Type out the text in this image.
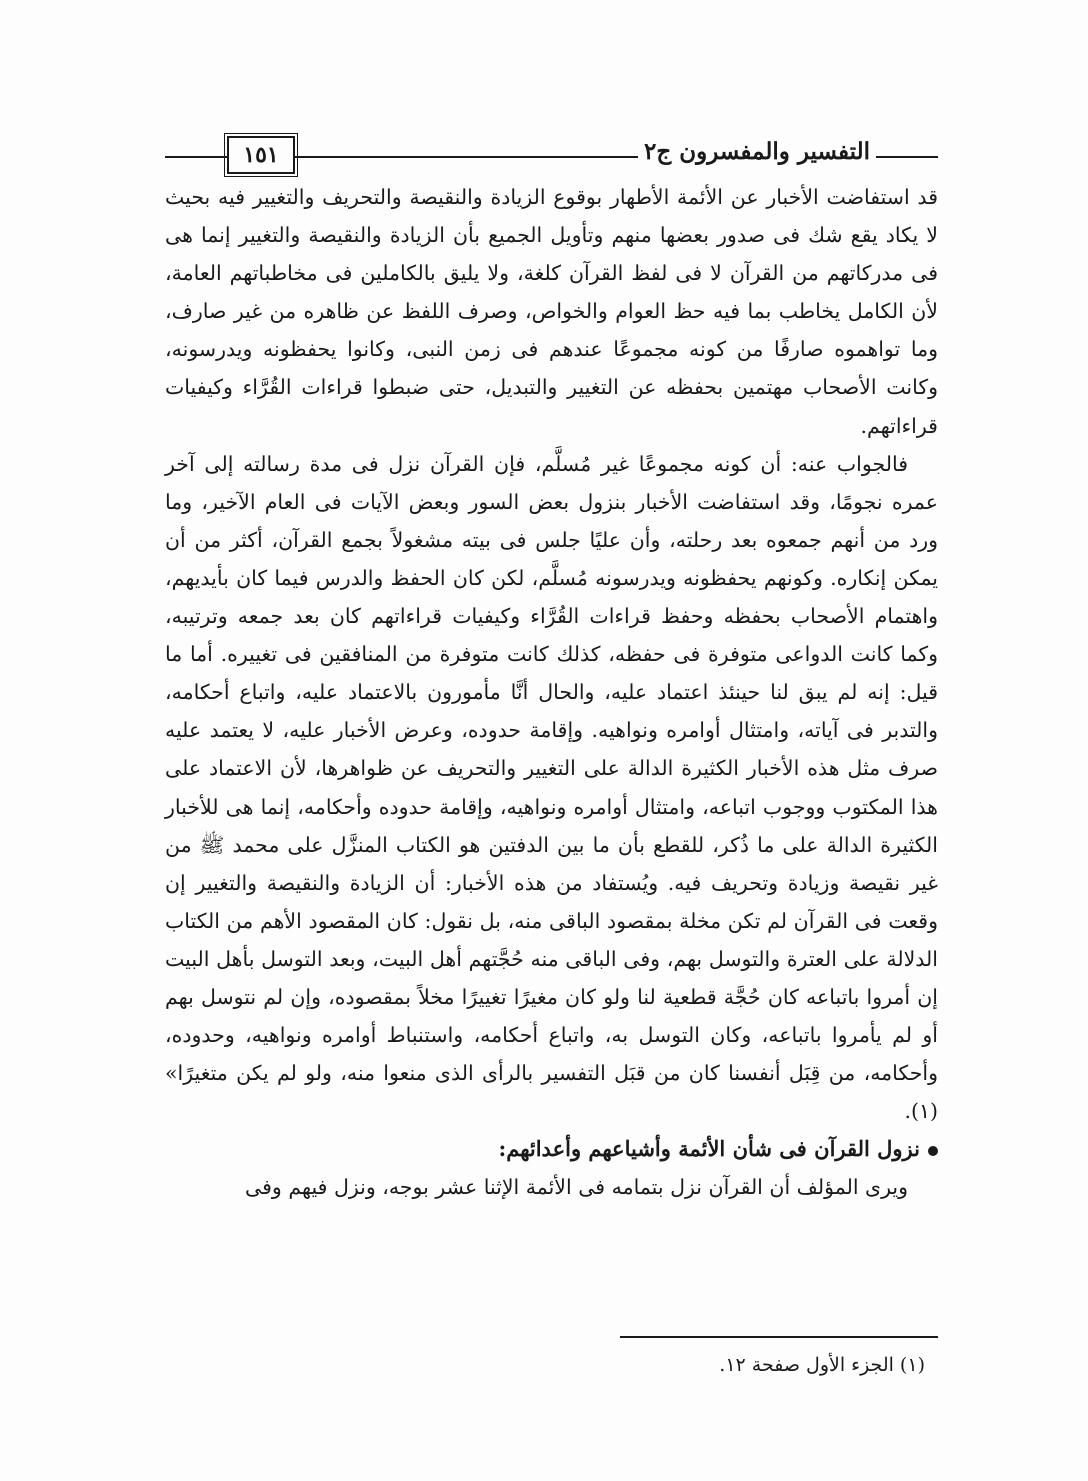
التفسير والمفسرون ج٢
١٥١

قد استفاضت الأخبار عن الأئمة الأطهار بوقوع الزيادة والنقيصة والتحريف والتغيير فيه بحيث لا يكاد يقع شك فى صدور بعضها منهم وتأويل الجميع بأن الزيادة والنقيصة والتغيير إنما هى فى مدركاتهم من القرآن لا فى لفظ القرآن كلغة، ولا يليق بالكاملين فى مخاطباتهم العامة، لأن الكامل يخاطب بما فيه حظ العوام والخواص، وصرف اللفظ عن ظاهره من غير صارف، وما تواهموه صارفًا من كونه مجموعًا عندهم فى زمن النبى، وكانوا يحفظونه ويدرسونه، وكانت الأصحاب مهتمين بحفظه عن التغيير والتبديل، حتى ضبطوا قراءات القُرَّاء وكيفيات قراءاتهم.

فالجواب عنه: أن كونه مجموعًا غير مُسلَّم، فإن القرآن نزل فى مدة رسالته إلى آخر عمره نجومًا، وقد استفاضت الأخبار بنزول بعض السور وبعض الآيات فى العام الآخير، وما ورد من أنهم جمعوه بعد رحلته، وأن عليًا جلس فى بيته مشغولاً بجمع القرآن، أكثر من أن يمكن إنكاره. وكونهم يحفظونه ويدرسونه مُسلَّم، لكن كان الحفظ والدرس فيما كان بأيديهم، واهتمام الأصحاب بحفظه وحفظ قراءات القُرَّاء وكيفيات قراءاتهم كان بعد جمعه وترتيبه، وكما كانت الدواعى متوفرة فى حفظه، كذلك كانت متوفرة من المنافقين فى تغييره. أما ما قيل: إنه لم يبق لنا حينئذ اعتماد عليه، والحال أنَّا مأمورون بالاعتماد عليه، واتباع أحكامه، والتدبر فى آياته، وامتثال أوامره ونواهيه. وإقامة حدوده، وعرض الأخبار عليه، لا يعتمد عليه صرف مثل هذه الأخبار الكثيرة الدالة على التغيير والتحريف عن ظواهرها، لأن الاعتماد على هذا المكتوب ووجوب اتباعه، وامتثال أوامره ونواهيه، وإقامة حدوده وأحكامه، إنما هى للأخبار الكثيرة الدالة على ما ذُكر، للقطع بأن ما بين الدفتين هو الكتاب المنزَّل على محمد ﷺ من غير نقيصة وزيادة وتحريف فيه. ويُستفاد من هذه الأخبار: أن الزيادة والنقيصة والتغيير إن وقعت فى القرآن لم تكن مخلة بمقصود الباقى منه، بل نقول: كان المقصود الأهم من الكتاب الدلالة على العترة والتوسل بهم، وفى الباقى منه حُجَّتهم أهل البيت، وبعد التوسل بأهل البيت إن أمروا باتباعه كان حُجَّة قطعية لنا ولو كان مغيرًا تغييرًا مخلاً بمقصوده، وإن لم نتوسل بهم أو لم يأمروا باتباعه، وكان التوسل به، واتباع أحكامه، واستنباط أوامره ونواهيه، وحدوده، وأحكامه، من قِبَل أنفسنا كان من قبَل التفسير بالرأى الذى منعوا منه، ولو لم يكن متغيرًا» (١).

نزول القرآن فى شأن الأئمة وأشياعهم وأعدائهم:

ويرى المؤلف أن القرآن نزل بتمامه فى الأئمة الإثنا عشر بوجه، ونزل فيهم وفى

(١) الجزء الأول صفحة ١٢.
